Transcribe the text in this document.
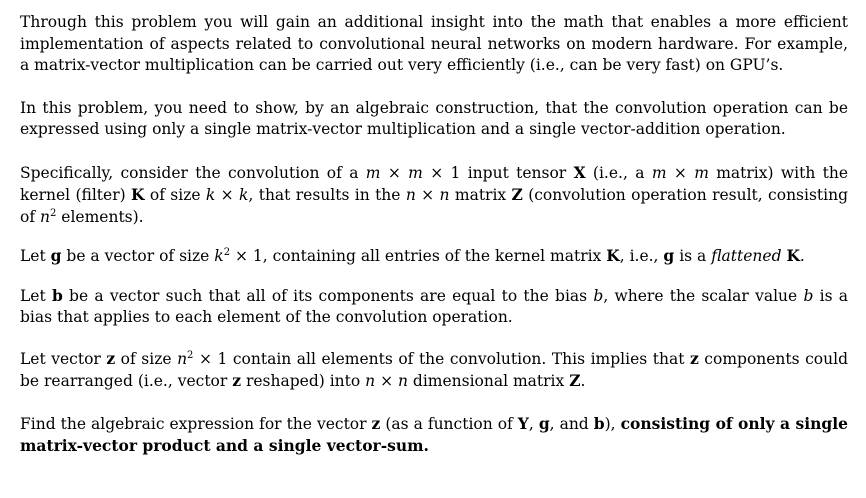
Through this problem you will gain an additional insight into the math that enables a more efficient implementation of aspects related to convolutional neural networks on modern hardware. For example, a matrix-vector multiplication can be carried out very efficiently (i.e., can be very fast) on GPU’s.

In this problem, you need to show, by an algebraic construction, that the convolution operation can be expressed using only a single matrix-vector multiplication and a single vector-addition operation.

Specifically, consider the convolution of a m × m × 1 input tensor X (i.e., a m × m matrix) with the kernel (filter) K of size k × k, that results in the n × n matrix Z (convolution operation result, consisting of $n^2$ elements).

Let g be a vector of size $k^2 \times 1$, containing all entries of the kernel matrix K, i.e., g is a flattened K.

Let b be a vector such that all of its components are equal to the bias b, where the scalar value b is a bias that applies to each element of the convolution operation.

Let vector z of size $n^2 \times 1$ contain all elements of the convolution. This implies that z components could be rearranged (i.e., vector z reshaped) into n × n dimensional matrix Z.

Find the algebraic expression for the vector z (as a function of Y, g, and b), consisting of only a single matrix-vector product and a single vector-sum.
